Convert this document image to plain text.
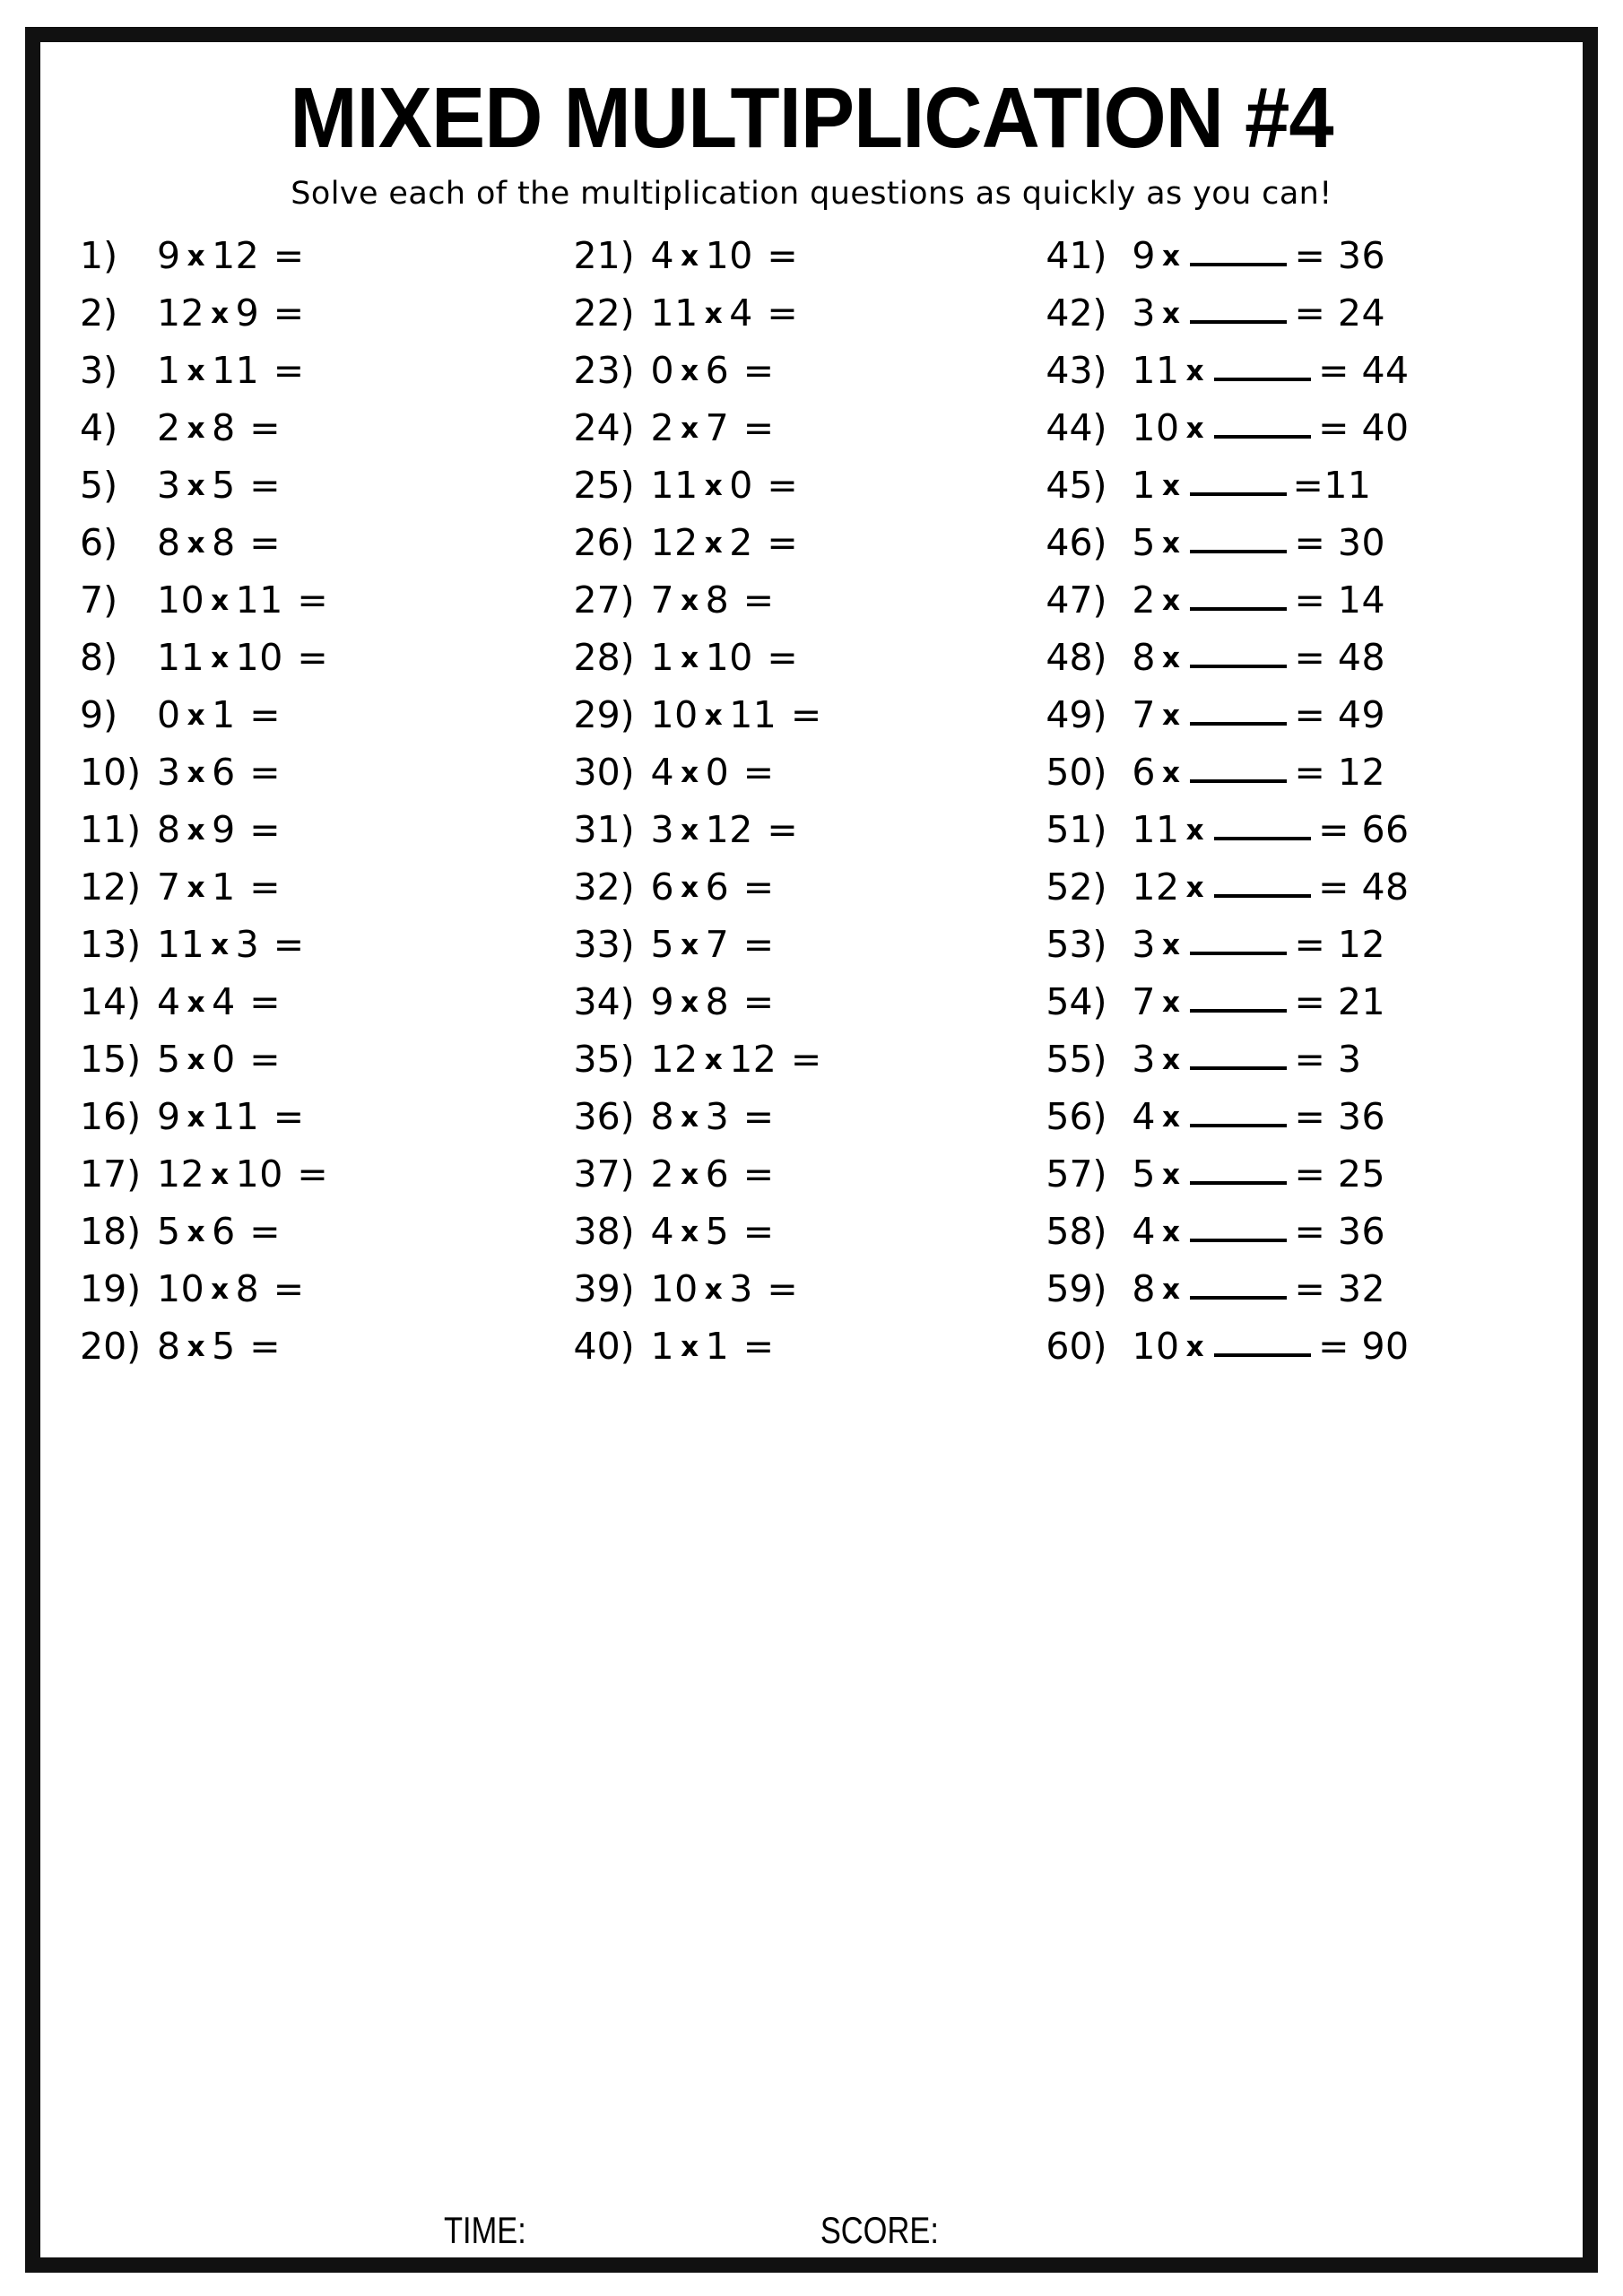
MIXED MULTIPLICATION #4

Solve each of the multiplication questions as quickly as you can!

1)	9 x 12 =
2)	12 x 9 =
3)	1 x 11 =
4)	2 x 8 =
5)	3 x 5 =
6)	8 x 8 =
7)	10 x 11 =
8)	11 x 10 =
9)	0 x 1 =
10) 3 x 6 =
11) 8 x 9 =
12) 7 x 1 =
13) 11 x 3 =
14) 4 x 4 =
15) 5 x 0 =
16) 9 x 11 =
17) 12 x 10 =
18) 5 x 6 =
19) 10 x 8 =
20) 8 x 5 =
21) 4 x 10 =
22) 11 x 4 =
23) 0 x 6 =
24) 2 x 7 =
25) 11 x 0 =
26) 12 x 2 =
27) 7 x 8 =
28) 1 x 10 =
29) 10 x 11 =
30) 4 x 0 =
31) 3 x 12 =
32) 6 x 6 =
33) 5 x 7 =
34) 9 x 8 =
35) 12 x 12 =
36) 8 x 3 =
37) 2 x 6 =
38) 4 x 5 =
39) 10 x 3 =
40) 1 x 1 =
41) 9 x	= 36
42) 3 x	= 24
43) 11 x	= 44
44) 10 x	= 40
45) 1 x	=11
46) 5 x	= 30
47) 2 x	= 14
48) 8 x	= 48
49) 7 x	= 49
50) 6 x	= 12
51) 11 x	= 66
52) 12 x	= 48
53) 3 x	= 12
54) 7 x	= 21
55) 3 x	= 3
56) 4 x	= 36
57) 5 x	= 25
58) 4 x	= 36
59) 8 x	= 32
60) 10 x	= 90
TIME:	SCORE:
